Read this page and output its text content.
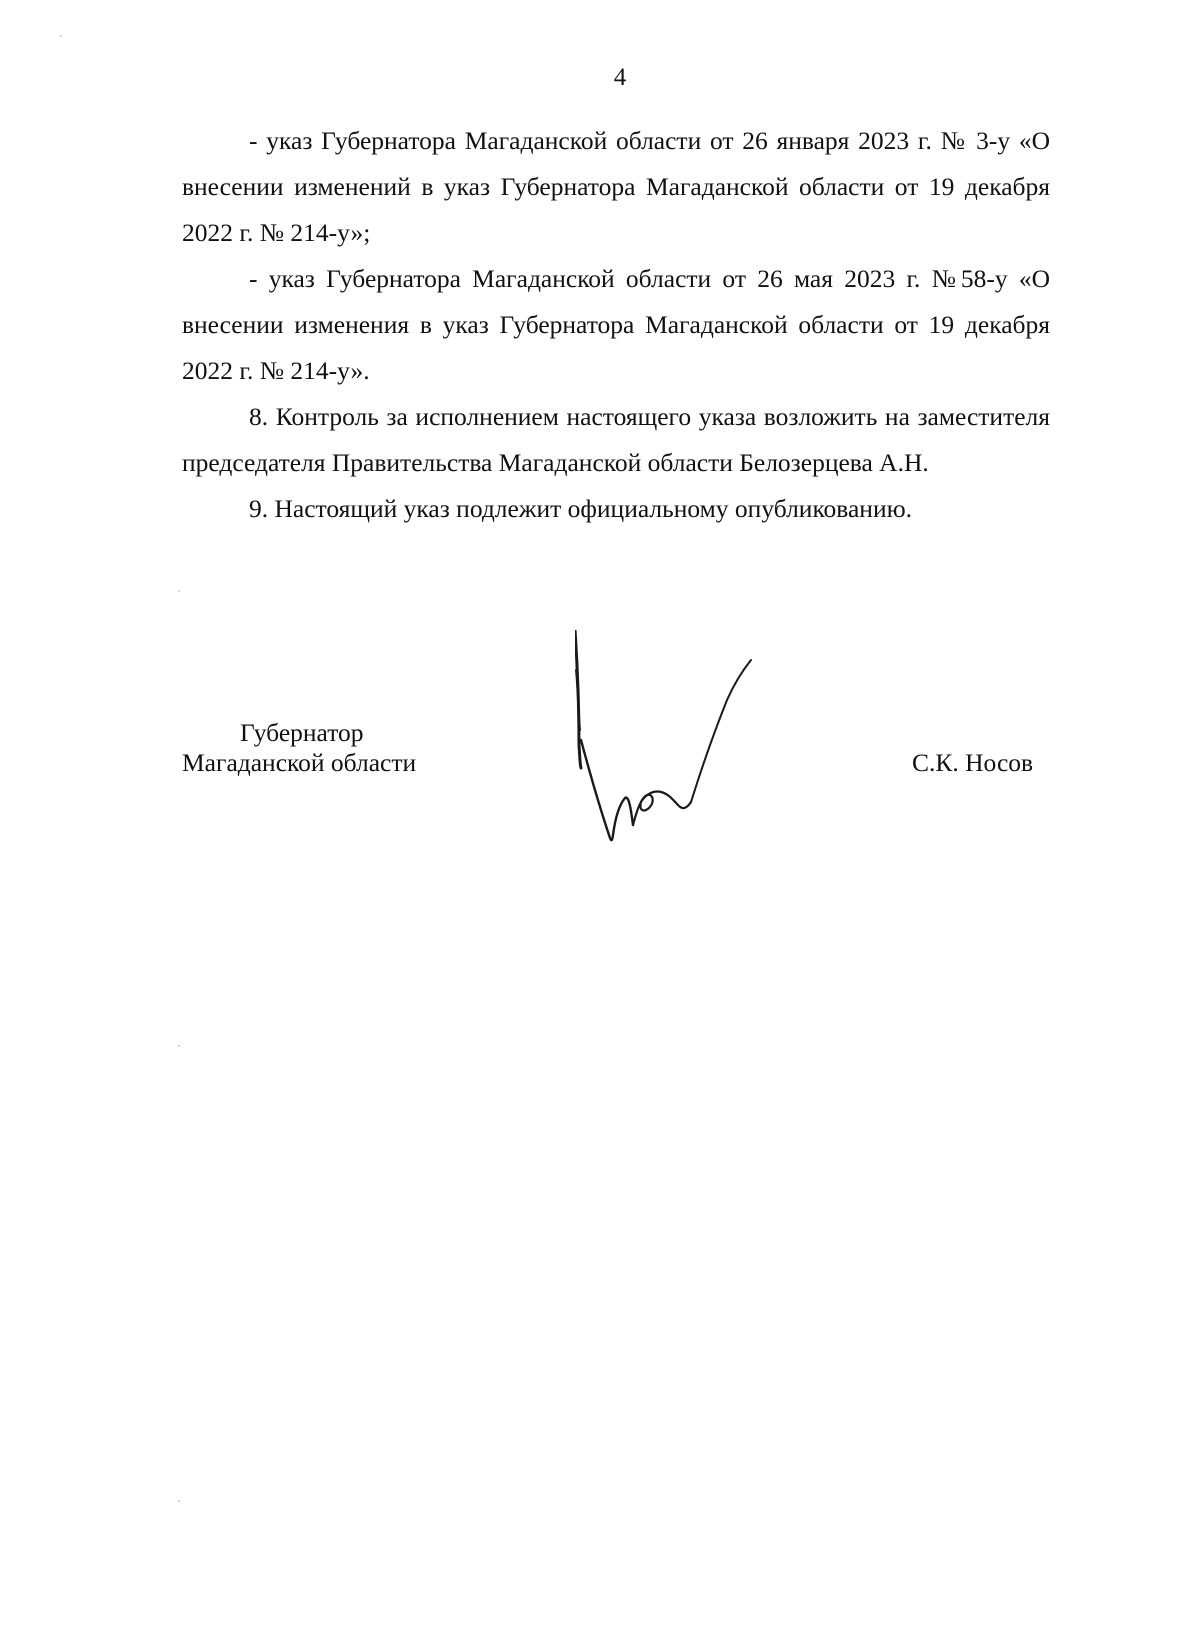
4

- указ Губернатора Магаданской области от 26 января 2023 г. № 3-у «О внесении изменений в указ Губернатора Магаданской области от 19 декабря 2022 г. № 214-у»;

- указ Губернатора Магаданской области от 26 мая 2023 г. №58-у «О внесении изменения в указ Губернатора Магаданской области от 19 декабря 2022 г. № 214-у».

8. Контроль за исполнением настоящего указа возложить на заместителя председателя Правительства Магаданской области Белозерцева А.Н.

9. Настоящий указ подлежит официальному опубликованию.

Губернатор
Магаданской области	С.К. Носов
